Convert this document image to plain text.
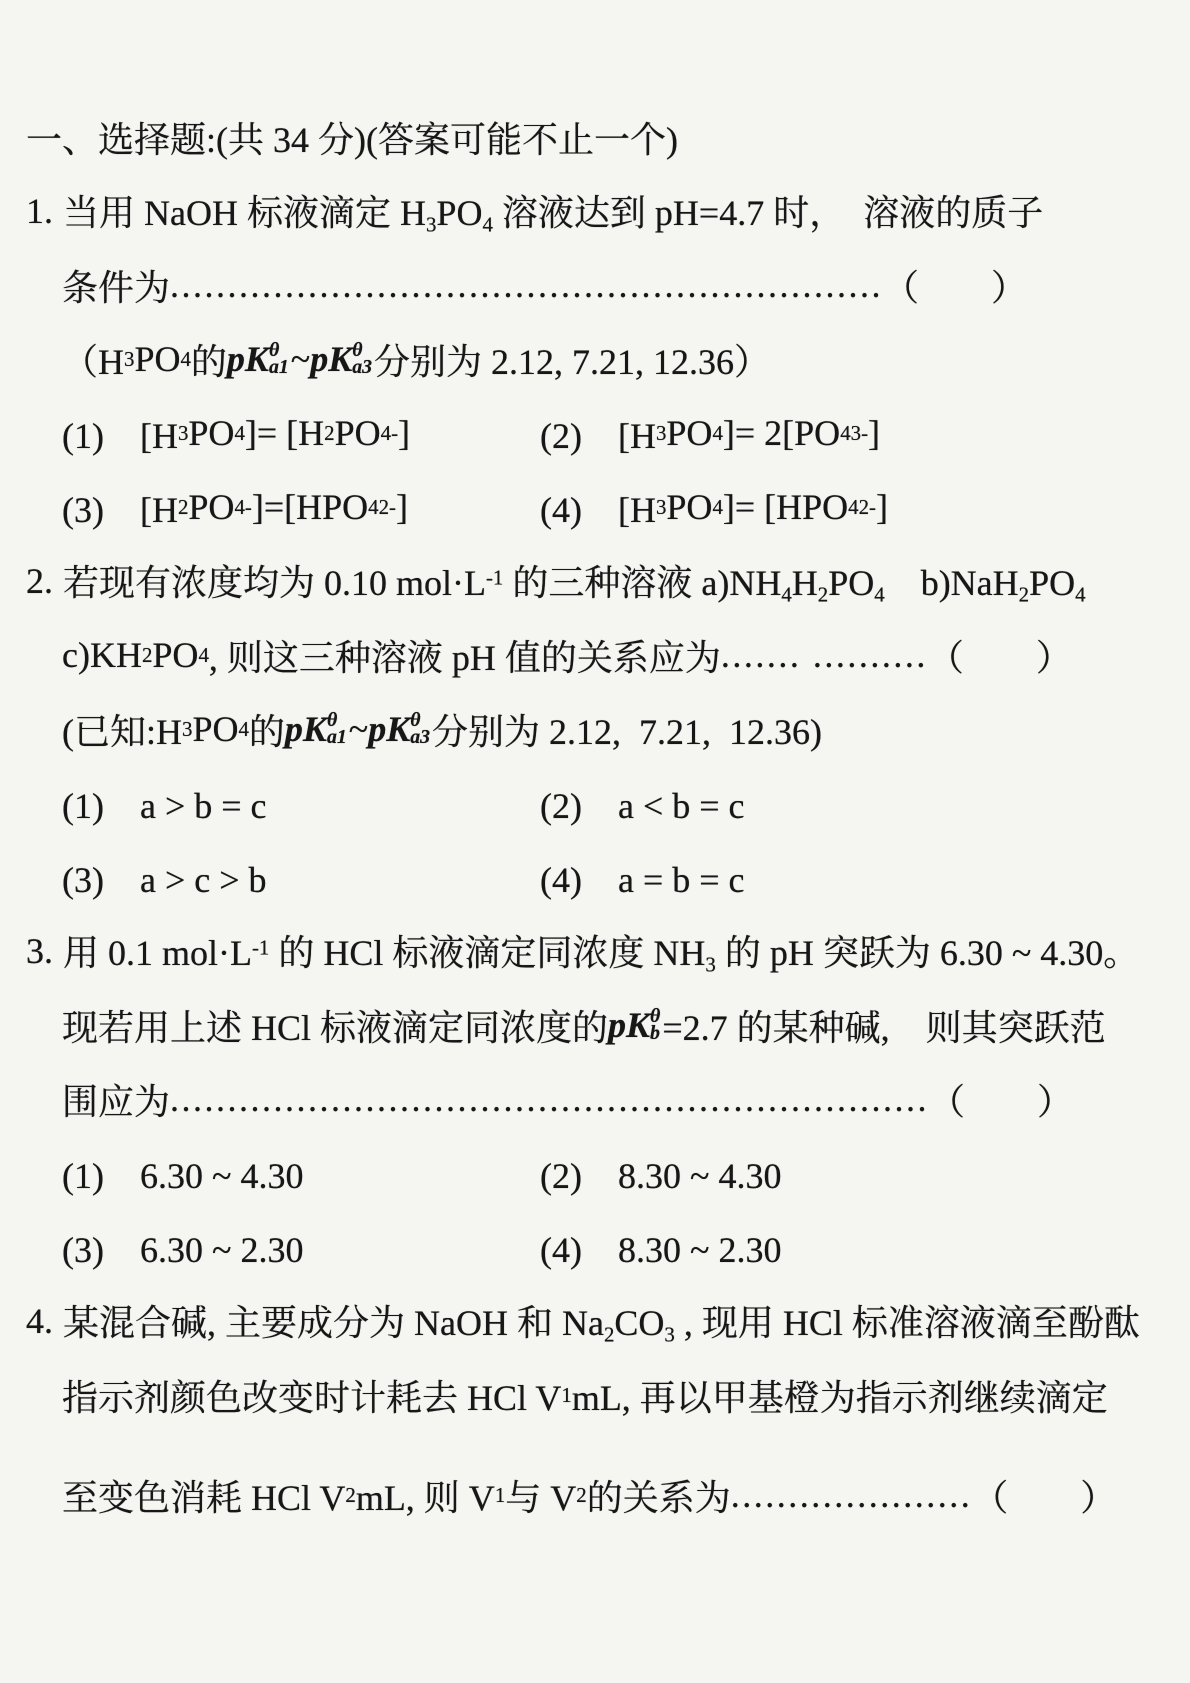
一、选择题:(共 34 分)(答案可能不止一个)
1. 当用 NaOH 标液滴定 $H_3PO_4$ 溶液达到 pH=4.7 时，　溶液的质子
条件为 .............................................................. （　　）
（H 3 PO 4 的 pK θ
a1 ~ pK θ
a3 分别为 2.12, 7.21, 12.36）
(1)　[H 3 PO 4 ]= [H 2 PO 4 - ]	(2)　[H 3 PO 4 ]= 2[PO 4 3- ]
(3)　[H 2 PO 4 - ]=[HPO 4 2- ]	(4)　[H 3 PO 4 ]= [HPO 4 2- ]
2. 若现有浓度均为 0.10 $mol\cdot L^{-1}$ 的三种溶液 $a)NH_4H_2PO_4$　$b)NaH_2PO_4$
c)KH 2 PO 4 , 则这三种溶液 pH 值的关系应为 ....... .......... （　　）
(已知:H 3 PO 4 的 pK θ
a1 ~ pK θ
a3 分别为 2.12,  7.21,  12.36)
(1)　a > b = c	(2)　a < b = c
(3)　a > c > b	(4)　a = b = c
3. 用 0.1 $mol\cdot L^{-1}$ 的 HCl 标液滴定同浓度 $NH_3$ 的 pH 突跃为 6.30 ~ 4.30。
现若用上述 HCl 标液滴定同浓度的 pK θ
b =2.7 的某种碱,　则其突跃范
围应为 .................................................................. （　　）
(1)　6.30 ~ 4.30	(2)　8.30 ~ 4.30
(3)　6.30 ~ 2.30	(4)　8.30 ~ 2.30
4. 某混合碱, 主要成分为 NaOH 和 $Na_2CO_3$ , 现用 HCl 标准溶液滴至酚酞
指示剂颜色改变时计耗去 HCl V 1 mL, 再以甲基橙为指示剂继续滴定
至变色消耗 HCl V 2 mL, 则 V 1 与 V 2 的关系为 ..................... （　　）
